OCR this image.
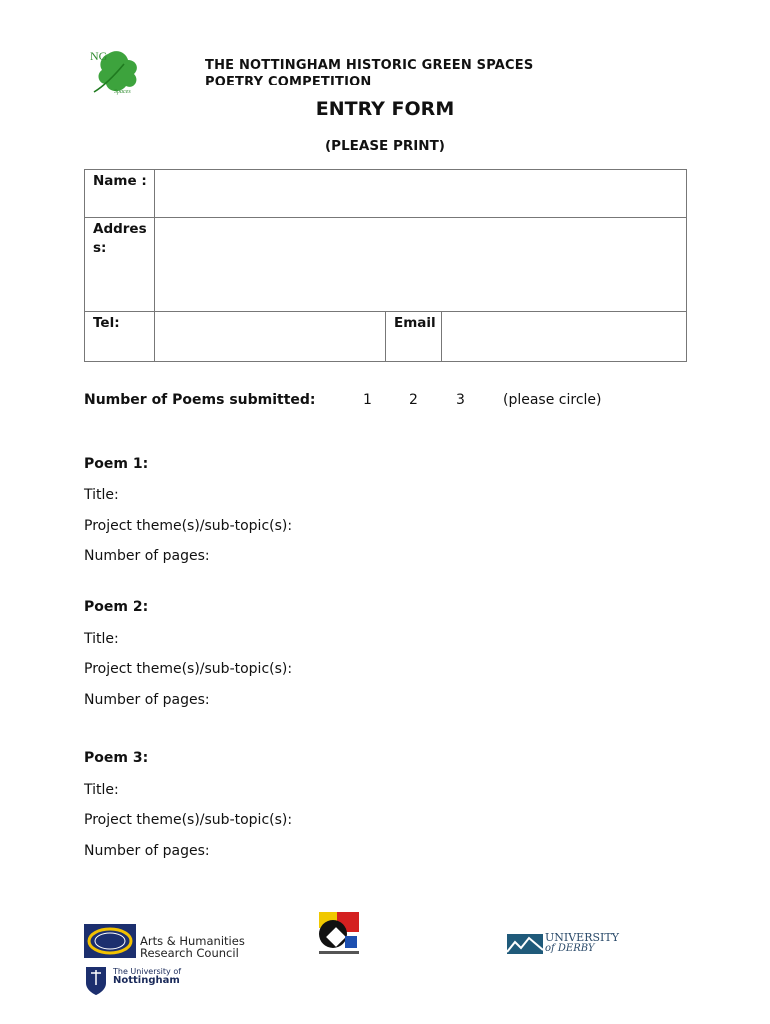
NG
Spaces
THE NOTTINGHAM HISTORIC GREEN SPACES
POETRY COMPETITION
ENTRY FORM
(PLEASE PRINT)
Name :			
Address:			
Tel:		Email	
Number of Poems submitted:	1	2	3	(please circle)
Poem 1:
Title:
Project theme(s)/sub-topic(s):
Number of pages:
Poem 2:
Title:
Project theme(s)/sub-topic(s):
Number of pages:
Poem 3:
Title:
Project theme(s)/sub-topic(s):
Number of pages:
Arts & Humanities
Research Council
The University of
Nottingham
UNIVERSITY
of DERBY
